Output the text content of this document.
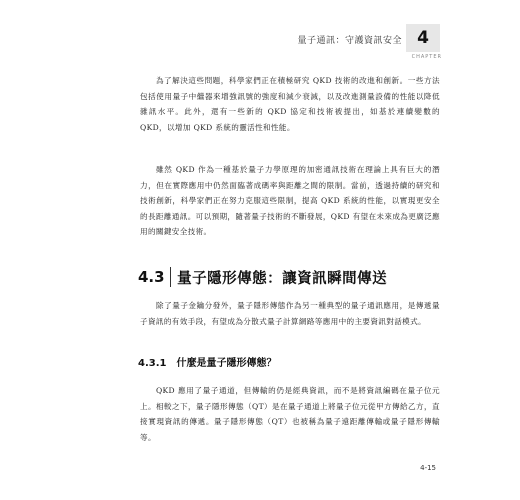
量子通訊：守護資訊安全 4
CHAPTER

為了解決這些問題，科學家們正在積極研究 QKD 技術的改進和創新。一些方法包括使用量子中繼器來增強訊號的強度和減少衰減，以及改進測量設備的性能以降低雜訊水平。此外，還有一些新的 QKD 協定和技術被提出，如基於連續變數的 QKD，以增加 QKD 系統的靈活性和性能。

雖然 QKD 作為一種基於量子力學原理的加密通訊技術在理論上具有巨大的潛力，但在實際應用中仍然面臨著成碼率與距離之間的限制。當前，透過持續的研究和技術創新，科學家們正在努力克服這些限制，提高 QKD 系統的性能，以實現更安全的長距離通訊。可以預期，隨著量子技術的不斷發展，QKD 有望在未來成為更廣泛應用的關鍵安全技術。

4.3 量子隱形傳態：讓資訊瞬間傳送

除了量子金鑰分發外，量子隱形傳態作為另一種典型的量子通訊應用，是傳遞量子資訊的有效手段，有望成為分散式量子計算網路等應用中的主要資訊對話模式。

4.3.1 什麼是量子隱形傳態？

QKD 應用了量子通道，但傳輸的仍是經典資訊，而不是將資訊編碼在量子位元上。相較之下，量子隱形傳態（QT）是在量子通道上將量子位元從甲方傳給乙方，直接實現資訊的傳遞。量子隱形傳態（QT）也被稱為量子遠距離傳輸或量子隱形傳輸等。

4-15
